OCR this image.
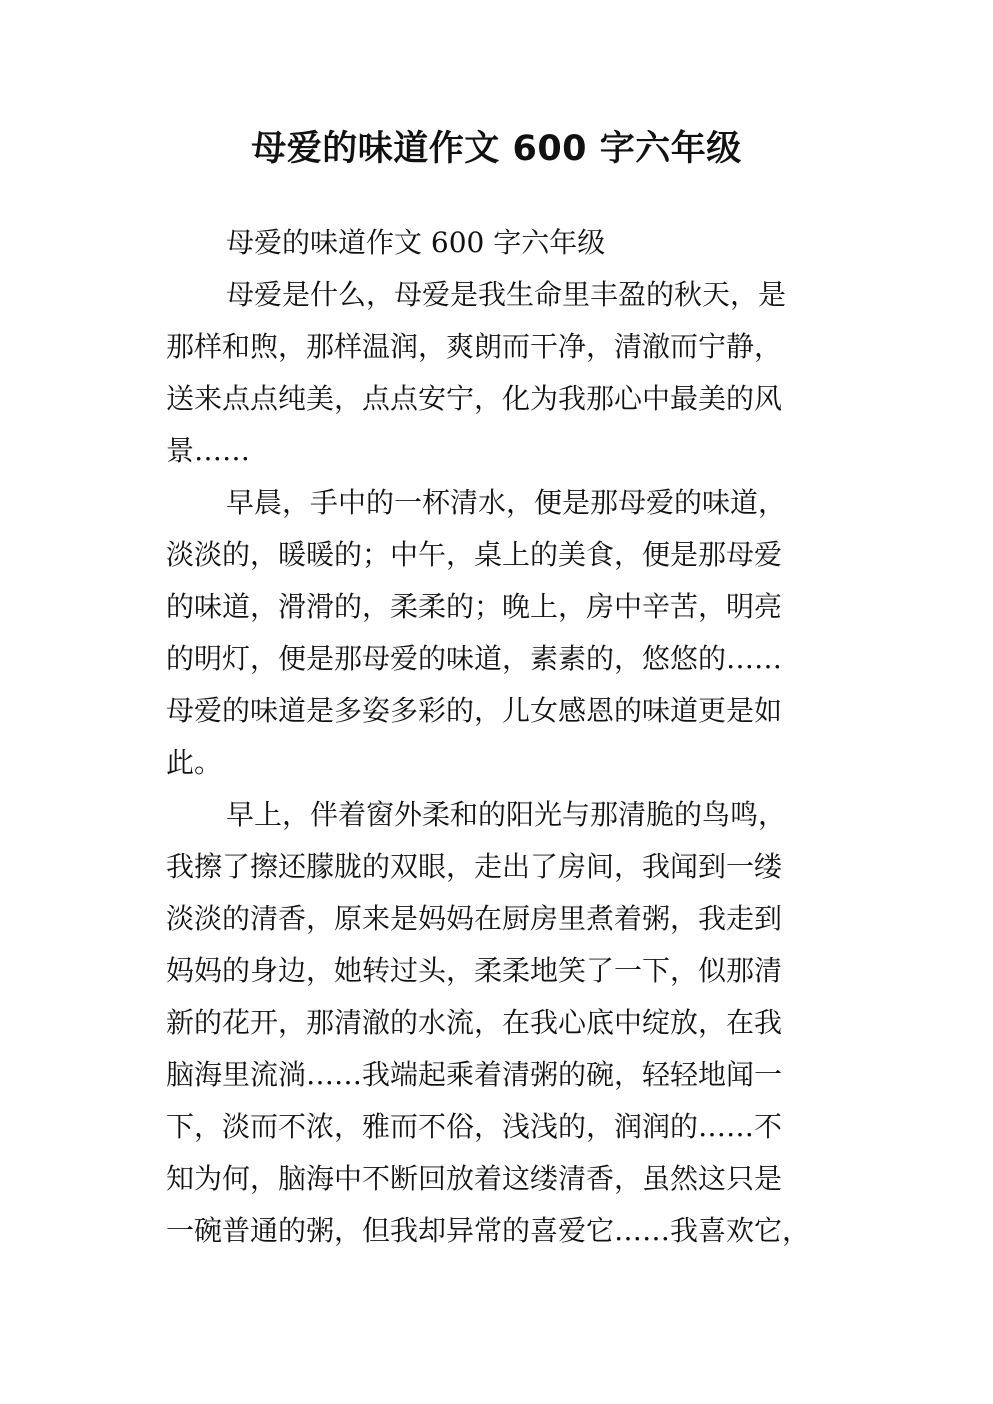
母爱的味道作文 600 字六年级

母爱的味道作文 600 字六年级

母爱是什么，母爱是我生命里丰盈的秋天，是
那样和煦，那样温润，爽朗而干净，清澈而宁静，
送来点点纯美，点点安宁，化为我那心中最美的风
景……

早晨，手中的一杯清水，便是那母爱的味道，
淡淡的，暖暖的；中午，桌上的美食，便是那母爱
的味道，滑滑的，柔柔的；晚上，房中辛苦，明亮
的明灯，便是那母爱的味道，素素的，悠悠的……
母爱的味道是多姿多彩的，儿女感恩的味道更是如
此。

早上，伴着窗外柔和的阳光与那清脆的鸟鸣，
我擦了擦还朦胧的双眼，走出了房间，我闻到一缕
淡淡的清香，原来是妈妈在厨房里煮着粥，我走到
妈妈的身边，她转过头，柔柔地笑了一下，似那清
新的花开，那清澈的水流，在我心底中绽放，在我
脑海里流淌……我端起乘着清粥的碗，轻轻地闻一
下，淡而不浓，雅而不俗，浅浅的，润润的……不
知为何，脑海中不断回放着这缕清香，虽然这只是
一碗普通的粥，但我却异常的喜爱它……我喜欢它，
